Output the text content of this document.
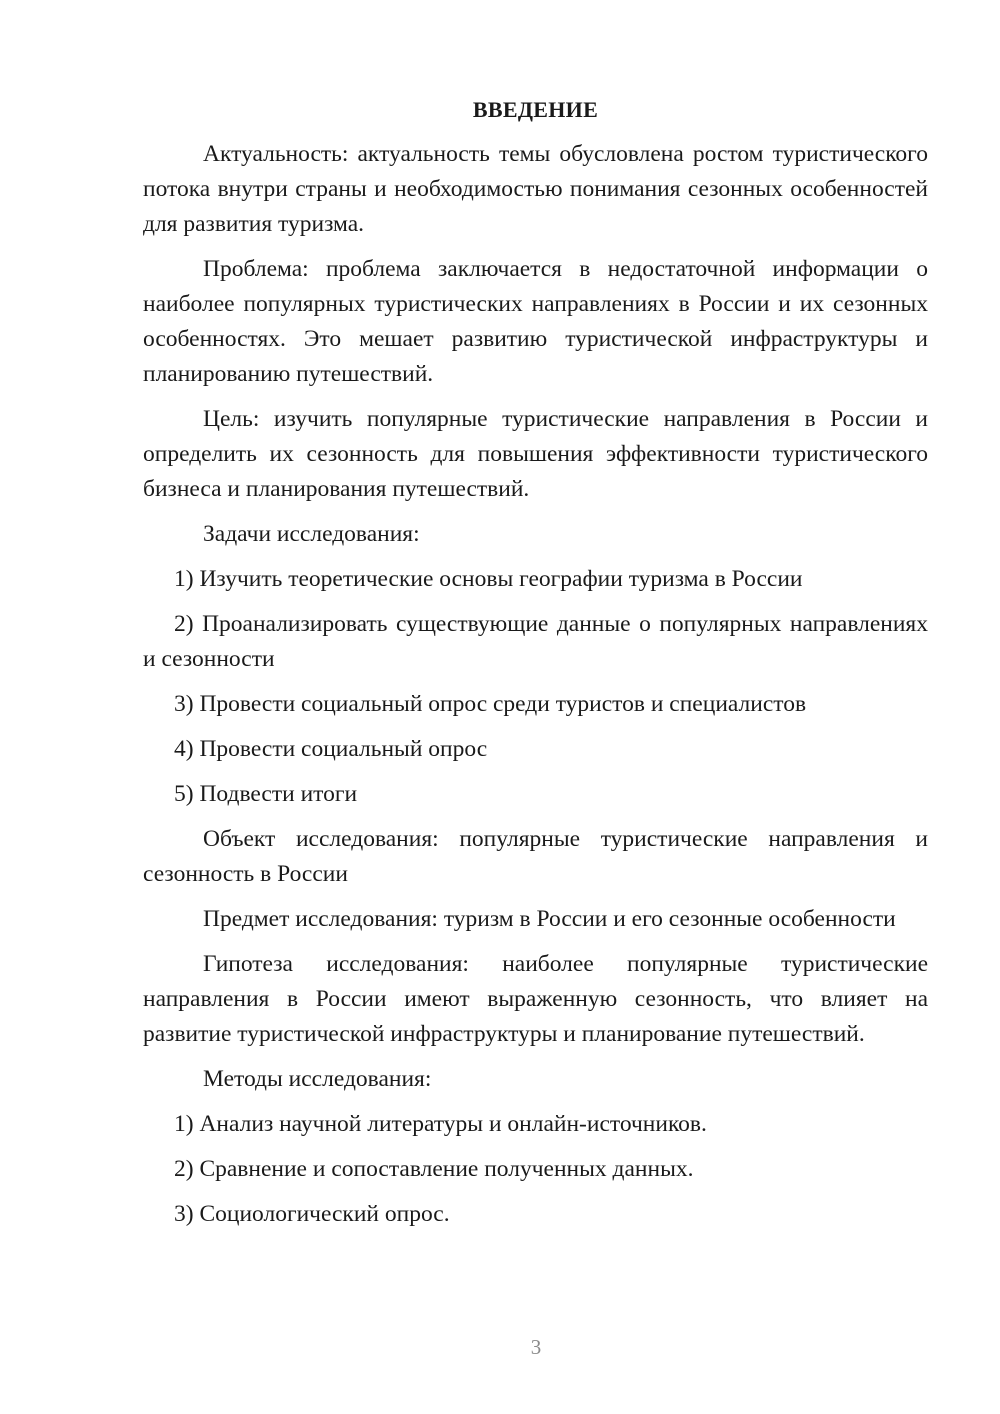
ВВЕДЕНИЕ

Актуальность: актуальность темы обусловлена ростом туристического потока внутри страны и необходимостью понимания сезонных особенностей для развития туризма.

Проблема: проблема заключается в недостаточной информации о наиболее популярных туристических направлениях в России и их сезонных особенностях. Это мешает развитию туристической инфраструктуры и планированию путешествий.

Цель: изучить популярные туристические направления в России и определить их сезонность для повышения эффективности туристического бизнеса и планирования путешествий.

Задачи исследования:

1) Изучить теоретические основы географии туризма в России

2) Проанализировать существующие данные о популярных направлениях и сезонности

3) Провести социальный опрос среди туристов и специалистов

4) Провести социальный опрос

5) Подвести итоги

Объект исследования: популярные туристические направления и сезонность в России

Предмет исследования: туризм в России и его сезонные особенности

Гипотеза исследования: наиболее популярные туристические направления в России имеют выраженную сезонность, что влияет на развитие туристической инфраструктуры и планирование путешествий.

Методы исследования:

1) Анализ научной литературы и онлайн-источников.

2) Сравнение и сопоставление полученных данных.

3) Социологический опрос.

3
